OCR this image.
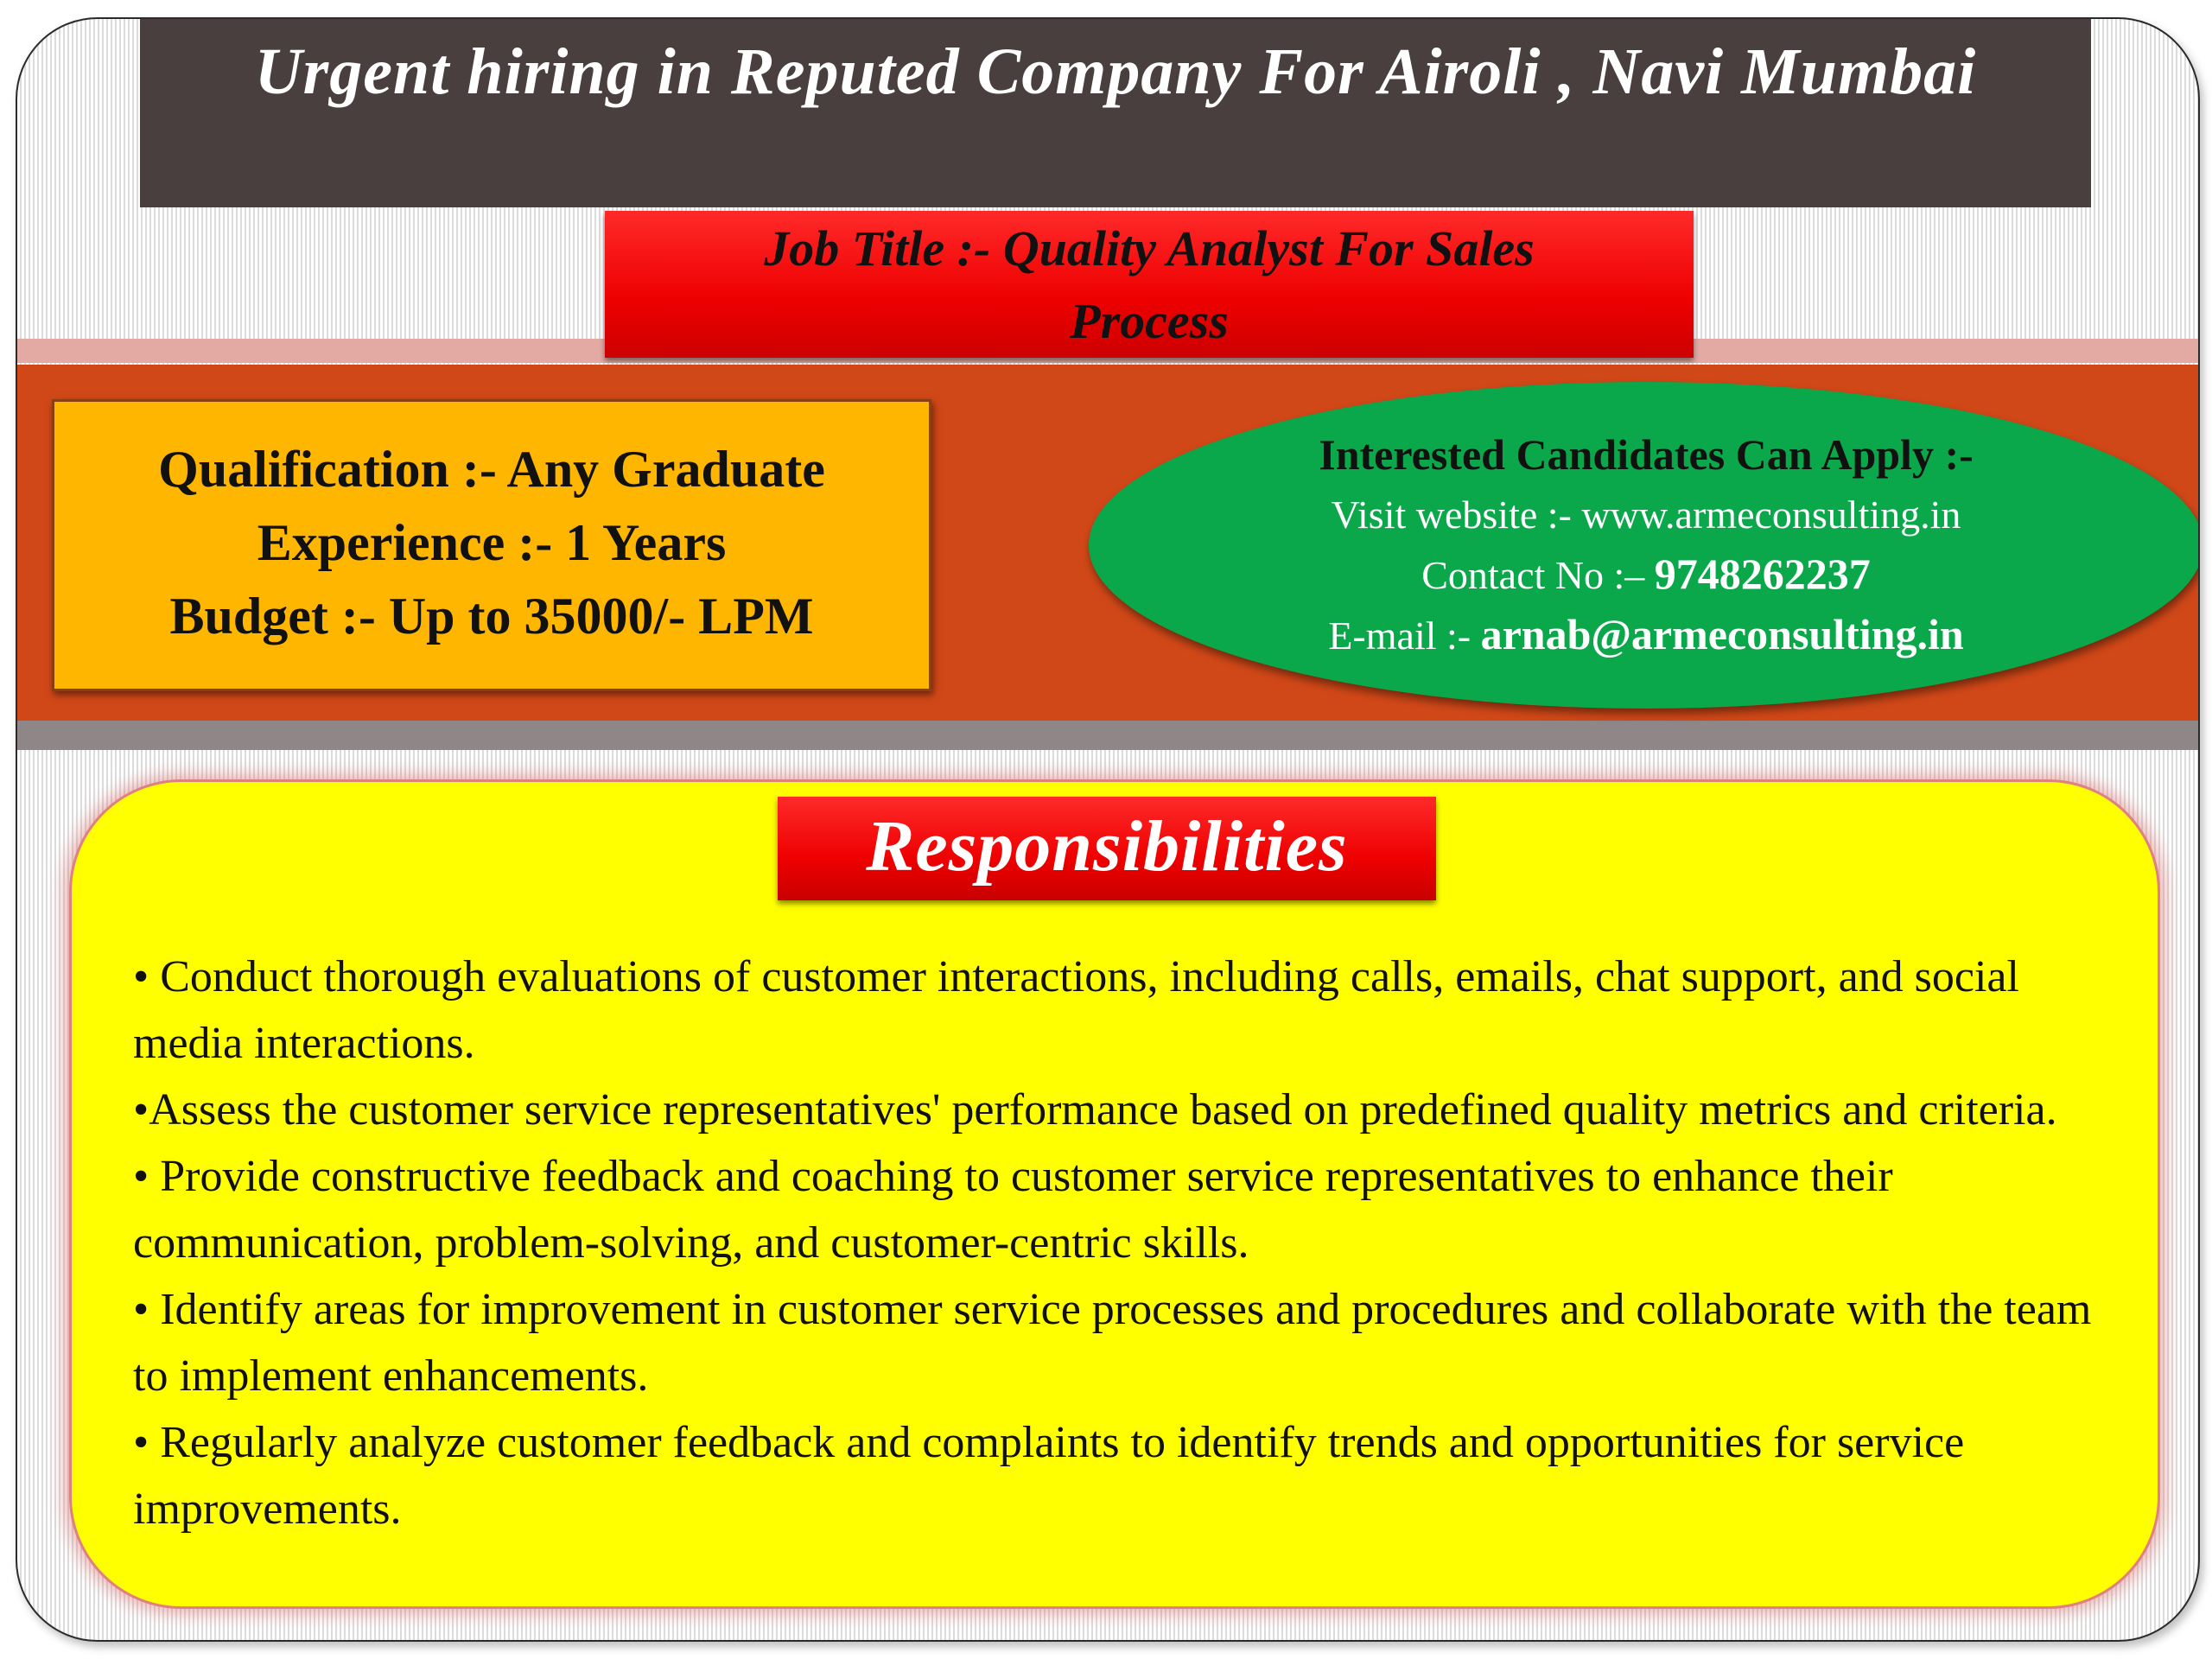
Urgent hiring in Reputed Company For Airoli , Navi Mumbai
Job Title :- Quality Analyst For Sales
Process
Qualification :- Any Graduate
Experience :- 1 Years
Budget :- Up to 35000/- LPM
Interested Candidates Can Apply :-
Visit website :- www.armeconsulting.in
Contact No :– 9748262237
E-mail :- arnab@armeconsulting.in
Responsibilities

• Conduct thorough evaluations of customer interactions, including calls, emails, chat support, and social media interactions.

•Assess the customer service representatives' performance based on predefined quality metrics and criteria.

• Provide constructive feedback and coaching to customer service representatives to enhance their communication, problem-solving, and customer-centric skills.

• Identify areas for improvement in customer service processes and procedures and collaborate with the team to implement enhancements.

• Regularly analyze customer feedback and complaints to identify trends and opportunities for service improvements.
